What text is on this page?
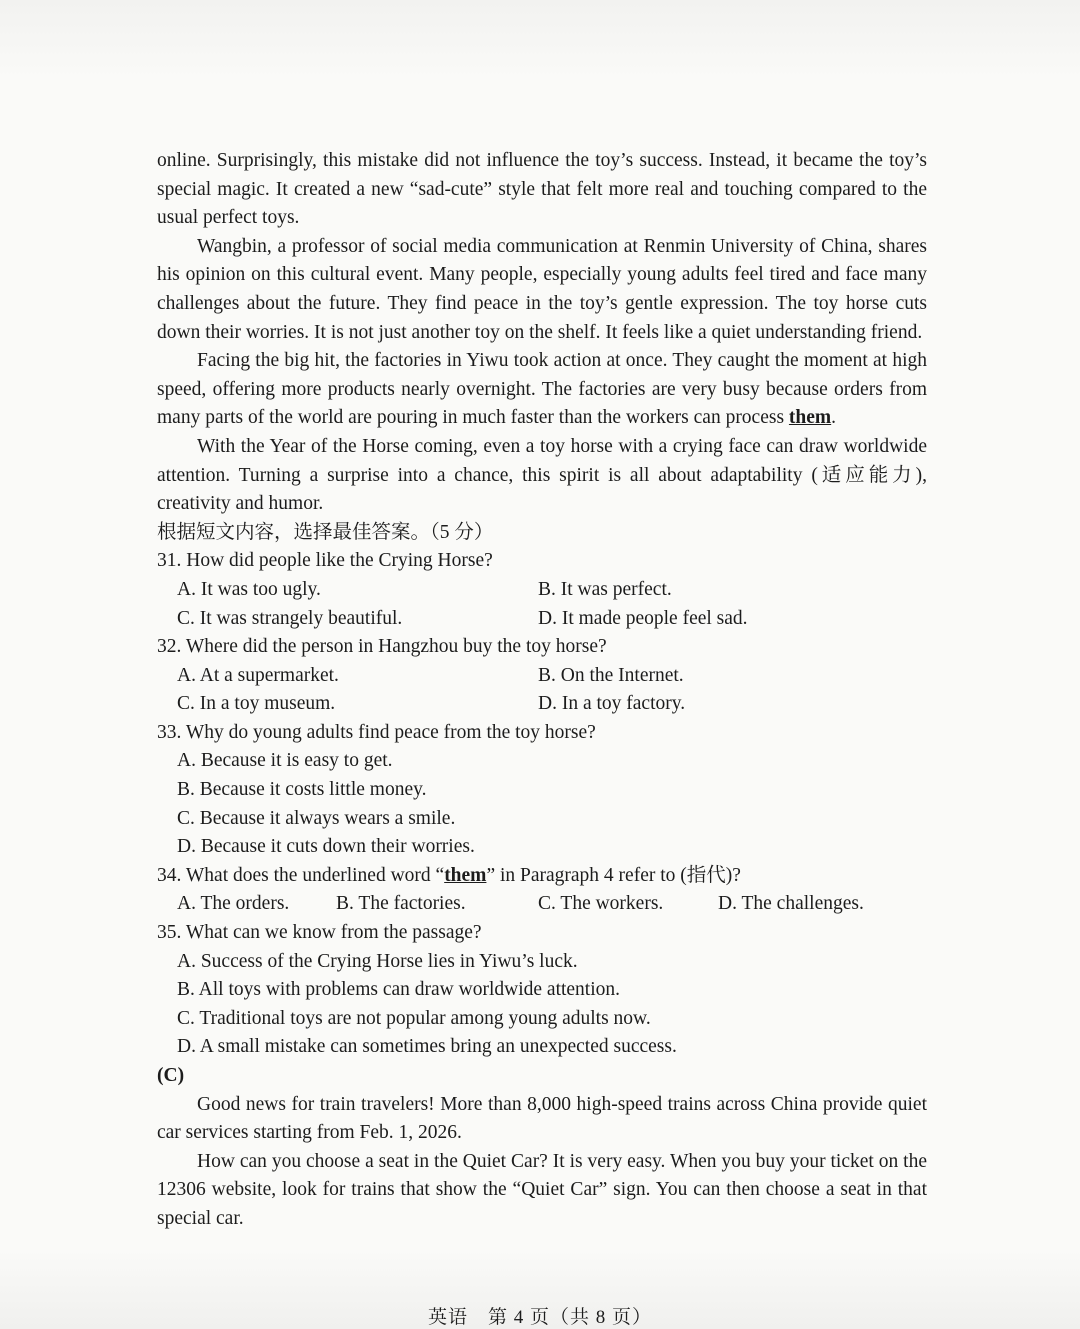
online. Surprisingly, this mistake did not influence the toy’s success. Instead, it became the toy’s special magic. It created a new “sad-cute” style that felt more real and touching compared to the usual perfect toys.

Wangbin, a professor of social media communication at Renmin University of China, shares his opinion on this cultural event. Many people, especially young adults feel tired and face many challenges about the future. They find peace in the toy’s gentle expression. The toy horse cuts down their worries. It is not just another toy on the shelf. It feels like a quiet understanding friend.

Facing the big hit, the factories in Yiwu took action at once. They caught the moment at high speed, offering more products nearly overnight. The factories are very busy because orders from many parts of the world are pouring in much faster than the workers can process them.

With the Year of the Horse coming, even a toy horse with a crying face can draw worldwide attention. Turning a surprise into a chance, this spirit is all about adaptability (适应能力), creativity and humor.

根据短文内容，选择最佳答案。（5 分）

31. How did people like the Crying Horse?

A. It was too ugly.	B. It was perfect.
C. It was strangely beautiful.	D. It made people feel sad.

32. Where did the person in Hangzhou buy the toy horse?

A. At a supermarket.	B. On the Internet.
C. In a toy museum.	D. In a toy factory.

33. Why do young adults find peace from the toy horse?

A. Because it is easy to get.

B. Because it costs little money.

C. Because it always wears a smile.

D. Because it cuts down their worries.

34. What does the underlined word “them” in Paragraph 4 refer to (指代)?

A. The orders.	B. The factories.	C. The workers.	D. The challenges.

35. What can we know from the passage?

A. Success of the Crying Horse lies in Yiwu’s luck.

B. All toys with problems can draw worldwide attention.

C. Traditional toys are not popular among young adults now.

D. A small mistake can sometimes bring an unexpected success.

(C)

Good news for train travelers! More than 8,000 high-speed trains across China provide quiet car services starting from Feb. 1, 2026.

How can you choose a seat in the Quiet Car? It is very easy. When you buy your ticket on the 12306 website, look for trains that show the “Quiet Car” sign. You can then choose a seat in that special car.

英语　第 4 页（共 8 页）
